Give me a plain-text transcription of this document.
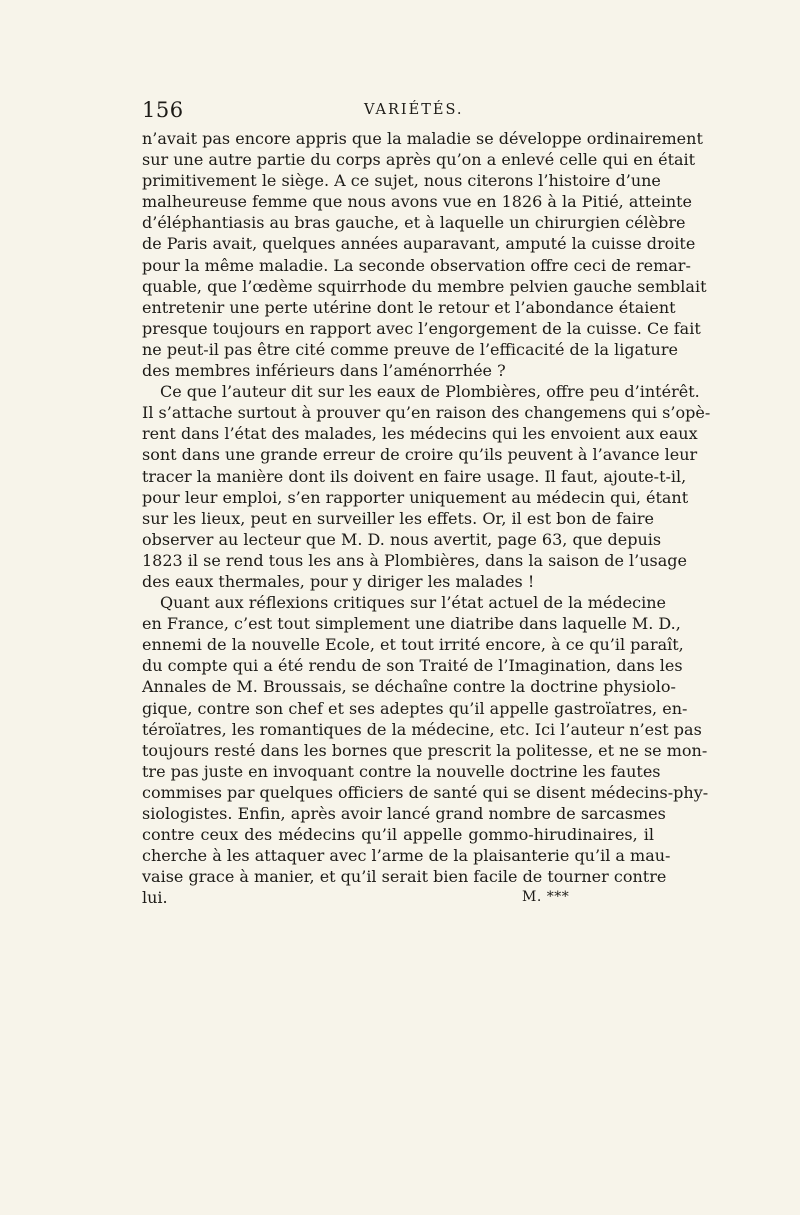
156	VARIÉTÉS.
n’avait pas encore appris que la maladie se développe ordinairement
sur une autre partie du corps après qu’on a enlevé celle qui en était
primitivement le siège. A ce sujet, nous citerons l’histoire d’une
malheureuse femme que nous avons vue en 1826 à la Pitié, atteinte
d’éléphantiasis au bras gauche, et à laquelle un chirurgien célèbre
de Paris avait, quelques années auparavant, amputé la cuisse droite
pour la même maladie. La seconde observation offre ceci de remar-
quable, que l’œdème squirrhode du membre pelvien gauche semblait
entretenir une perte utérine dont le retour et l’abondance étaient
presque toujours en rapport avec l’engorgement de la cuisse. Ce fait
ne peut-il pas être cité comme preuve de l’efficacité de la ligature
des membres inférieurs dans l’aménorrhée ?
Ce que l’auteur dit sur les eaux de Plombières, offre peu d’intérêt.
Il s’attache surtout à prouver qu’en raison des changemens qui s’opè-
rent dans l’état des malades, les médecins qui les envoient aux eaux
sont dans une grande erreur de croire qu’ils peuvent à l’avance leur
tracer la manière dont ils doivent en faire usage. Il faut, ajoute-t-il,
pour leur emploi, s’en rapporter uniquement au médecin qui, étant
sur les lieux, peut en surveiller les effets. Or, il est bon de faire
observer au lecteur que M. D. nous avertit, page 63, que depuis
1823 il se rend tous les ans à Plombières, dans la saison de l’usage
des eaux thermales, pour y diriger les malades !
Quant aux réflexions critiques sur l’état actuel de la médecine
en France, c’est tout simplement une diatribe dans laquelle M. D.,
ennemi de la nouvelle Ecole, et tout irrité encore, à ce qu’il paraît,
du compte qui a été rendu de son Traité de l’Imagination, dans les
Annales de M. Broussais, se déchaîne contre la doctrine physiolo-
gique, contre son chef et ses adeptes qu’il appelle gastroïatres, en-
téroïatres, les romantiques de la médecine, etc. Ici l’auteur n’est pas
toujours resté dans les bornes que prescrit la politesse, et ne se mon-
tre pas juste en invoquant contre la nouvelle doctrine les fautes
commises par quelques officiers de santé qui se disent médecins-phy-
siologistes. Enfin, après avoir lancé grand nombre de sarcasmes
contre ceux des médecins qu’il appelle gommo-hirudinaires, il
cherche à les attaquer avec l’arme de la plaisanterie qu’il a mau-
vaise grace à manier, et qu’il serait bien facile de tourner contre
lui.	M. ***
